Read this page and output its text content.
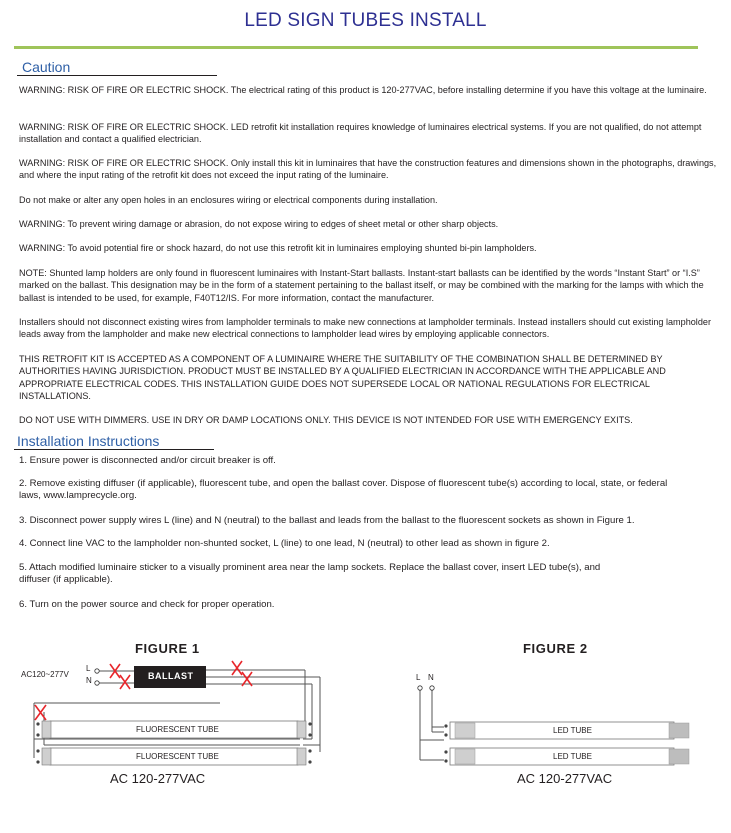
LED SIGN TUBES INSTALL
Caution

WARNING: RISK OF FIRE OR ELECTRIC SHOCK. The electrical rating of this product is 120-277VAC, before installing determine if you have this voltage at the luminaire.

WARNING: RISK OF FIRE OR ELECTRIC SHOCK. LED retrofit kit installation requires knowledge of luminaires electrical systems. If you are not qualified, do not attempt installation and contact a qualified electrician.

WARNING: RISK OF FIRE OR ELECTRIC SHOCK. Only install this kit in luminaires that have the construction features and dimensions shown in the photographs, drawings, and where the input rating of the retrofit kit does not exceed the input rating of the luminaire.

Do not make or alter any open holes in an enclosures wiring or electrical components during installation.

WARNING: To prevent wiring damage or abrasion, do not expose wiring to edges of sheet metal or other sharp objects.

WARNING: To avoid potential fire or shock hazard, do not use this retrofit kit in luminaires employing shunted bi-pin lampholders.

NOTE: Shunted lamp holders are only found in fluorescent luminaires with Instant-Start ballasts. Instant-start ballasts can be identified by the words “Instant Start” or “I.S” marked on the ballast. This designation may be in the form of a statement pertaining to the ballast itself, or may be combined with the marking for the lamps with which the ballast is intended to be used, for example, F40T12/IS. For more information, contact the manufacturer.

Installers should not disconnect existing wires from lampholder terminals to make new connections at lampholder terminals. Instead installers should cut existing lampholder leads away from the lampholder and make new electrical connections to lampholder lead wires by employing applicable connectors.

THIS RETROFIT KIT IS ACCEPTED AS A COMPONENT OF A LUMINAIRE WHERE THE SUITABILITY OF THE COMBINATION SHALL BE DETERMINED BY AUTHORITIES HAVING JURISDICTION. PRODUCT MUST BE INSTALLED BY A QUALIFIED ELECTRICIAN IN ACCORDANCE WITH THE APPLICABLE AND APPROPRIATE ELECTRICAL CODES. THIS INSTALLATION GUIDE DOES NOT SUPERSEDE LOCAL OR NATIONAL REGULATIONS FOR ELECTRICAL INSTALLATIONS.

DO NOT USE WITH DIMMERS. USE IN DRY OR DAMP LOCATIONS ONLY. THIS DEVICE IS NOT INTENDED FOR USE WITH EMERGENCY EXITS.

Installation Instructions

1. Ensure power is disconnected and/or circuit breaker is off.

2. Remove existing diffuser (if applicable), fluorescent tube, and open the ballast cover. Dispose of fluorescent tube(s) according to local, state, or federal laws, www.lamprecycle.org.

3. Disconnect power supply wires L (line) and N (neutral) to the ballast and leads from the ballast to the fluorescent sockets as shown in Figure 1.

4. Connect line VAC to the lampholder non-shunted socket, L (line) to one lead, N (neutral) to other lead as shown in figure 2.

5. Attach modified luminaire sticker to a visually prominent area near the lamp sockets. Replace the ballast cover, insert LED tube(s), and diffuser (if applicable).

6. Turn on the power source and check for proper operation.

FIGURE 1	FIGURE 2
AC 120-277VAC	AC 120-277VAC
AC120~277V
L
N	BALLAST
FLUORESCENT TUBE
FLUORESCENT TUBE
L N
LED TUBE
LED TUBE
